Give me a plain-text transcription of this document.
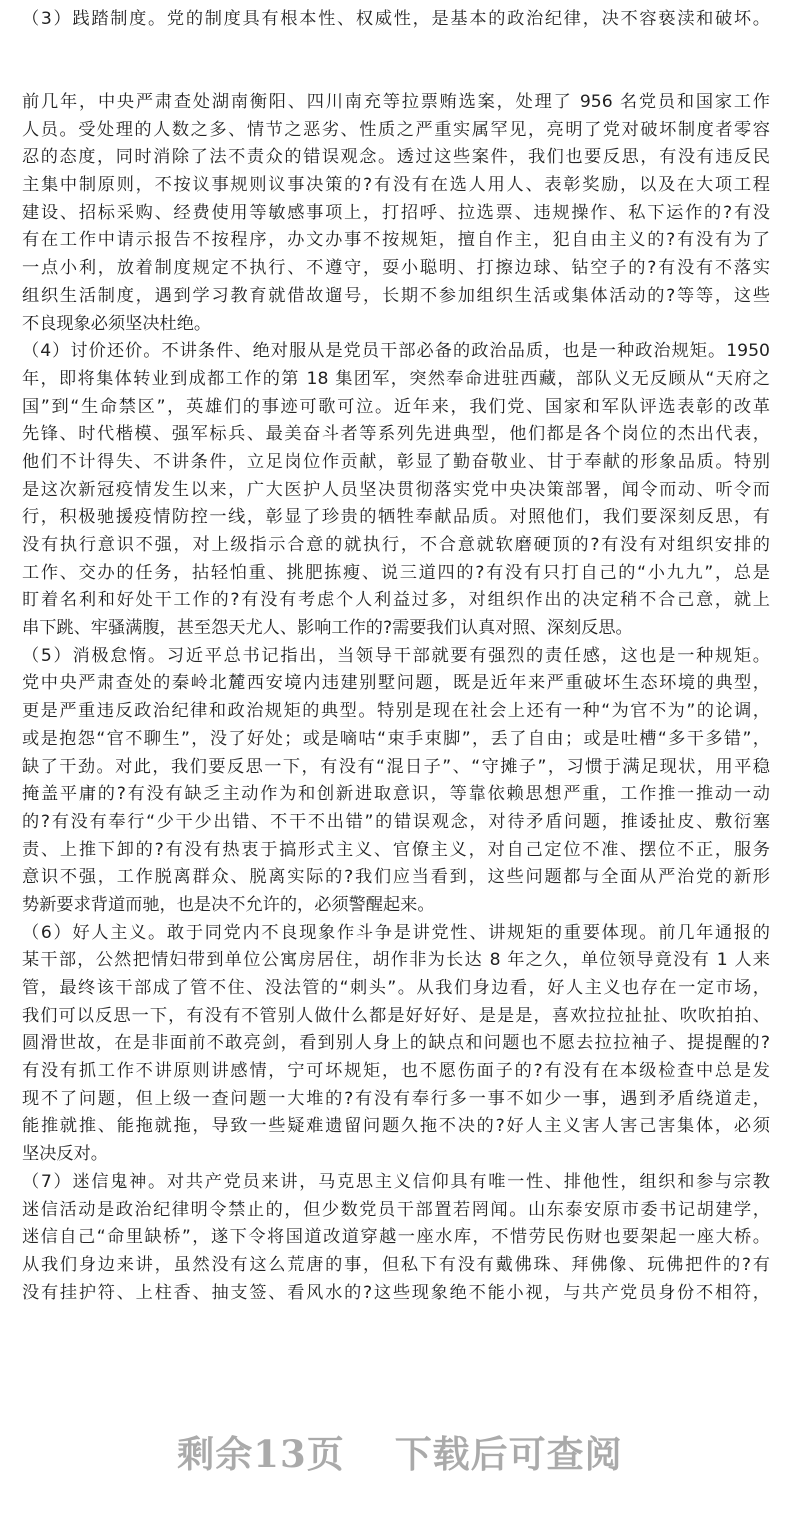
（3）践踏制度。党的制度具有根本性、权威性，是基本的政治纪律，决不容亵渎和破坏。
前几年，中央严肃查处湖南衡阳、四川南充等拉票贿选案，处理了 956 名党员和国家工作
人员。受处理的人数之多、情节之恶劣、性质之严重实属罕见，亮明了党对破坏制度者零容
忍的态度，同时消除了法不责众的错误观念。透过这些案件，我们也要反思，有没有违反民
主集中制原则，不按议事规则议事决策的?有没有在选人用人、表彰奖励，以及在大项工程
建设、招标采购、经费使用等敏感事项上，打招呼、拉选票、违规操作、私下运作的?有没
有在工作中请示报告不按程序，办文办事不按规矩，擅自作主，犯自由主义的?有没有为了
一点小利，放着制度规定不执行、不遵守，耍小聪明、打擦边球、钻空子的?有没有不落实
组织生活制度，遇到学习教育就借故遛号，长期不参加组织生活或集体活动的?等等，这些
不良现象必须坚决杜绝。
（4）讨价还价。不讲条件、绝对服从是党员干部必备的政治品质，也是一种政治规矩。1950
年，即将集体转业到成都工作的第 18 集团军，突然奉命进驻西藏，部队义无反顾从“天府之
国”到“生命禁区”，英雄们的事迹可歌可泣。近年来，我们党、国家和军队评选表彰的改革
先锋、时代楷模、强军标兵、最美奋斗者等系列先进典型，他们都是各个岗位的杰出代表，
他们不计得失、不讲条件，立足岗位作贡献，彰显了勤奋敬业、甘于奉献的形象品质。特别
是这次新冠疫情发生以来，广大医护人员坚决贯彻落实党中央决策部署，闻令而动、听令而
行，积极驰援疫情防控一线，彰显了珍贵的牺牲奉献品质。对照他们，我们要深刻反思，有
没有执行意识不强，对上级指示合意的就执行，不合意就软磨硬顶的?有没有对组织安排的
工作、交办的任务，拈轻怕重、挑肥拣瘦、说三道四的?有没有只打自己的“小九九”，总是
盯着名利和好处干工作的?有没有考虑个人利益过多，对组织作出的决定稍不合己意，就上
串下跳、牢骚满腹，甚至怨天尤人、影响工作的?需要我们认真对照、深刻反思。
（5）消极怠惰。习近平总书记指出，当领导干部就要有强烈的责任感，这也是一种规矩。
党中央严肃查处的秦岭北麓西安境内违建别墅问题，既是近年来严重破坏生态环境的典型，
更是严重违反政治纪律和政治规矩的典型。特别是现在社会上还有一种“为官不为”的论调，
或是抱怨“官不聊生”，没了好处；或是嘀咕“束手束脚”，丢了自由；或是吐槽“多干多错”，
缺了干劲。对此，我们要反思一下，有没有“混日子”、“守摊子”，习惯于满足现状，用平稳
掩盖平庸的?有没有缺乏主动作为和创新进取意识，等靠依赖思想严重，工作推一推动一动
的?有没有奉行“少干少出错、不干不出错”的错误观念，对待矛盾问题，推诿扯皮、敷衍塞
责、上推下卸的?有没有热衷于搞形式主义、官僚主义，对自己定位不准、摆位不正，服务
意识不强，工作脱离群众、脱离实际的?我们应当看到，这些问题都与全面从严治党的新形
势新要求背道而驰，也是决不允许的，必须警醒起来。
（6）好人主义。敢于同党内不良现象作斗争是讲党性、讲规矩的重要体现。前几年通报的
某干部，公然把情妇带到单位公寓房居住，胡作非为长达 8 年之久，单位领导竟没有 1 人来
管，最终该干部成了管不住、没法管的“刺头”。从我们身边看，好人主义也存在一定市场，
我们可以反思一下，有没有不管别人做什么都是好好好、是是是，喜欢拉拉扯扯、吹吹拍拍、
圆滑世故，在是非面前不敢亮剑，看到别人身上的缺点和问题也不愿去拉拉袖子、提提醒的?
有没有抓工作不讲原则讲感情，宁可坏规矩，也不愿伤面子的?有没有在本级检查中总是发
现不了问题，但上级一查问题一大堆的?有没有奉行多一事不如少一事，遇到矛盾绕道走，
能推就推、能拖就拖，导致一些疑难遗留问题久拖不决的?好人主义害人害己害集体，必须
坚决反对。
（7）迷信鬼神。对共产党员来讲，马克思主义信仰具有唯一性、排他性，组织和参与宗教
迷信活动是政治纪律明令禁止的，但少数党员干部置若罔闻。山东泰安原市委书记胡建学，
迷信自己“命里缺桥”，遂下令将国道改道穿越一座水库，不惜劳民伤财也要架起一座大桥。
从我们身边来讲，虽然没有这么荒唐的事，但私下有没有戴佛珠、拜佛像、玩佛把件的?有
没有挂护符、上柱香、抽支签、看风水的?这些现象绝不能小视，与共产党员身份不相符，
剩余13页 下载后可查阅
